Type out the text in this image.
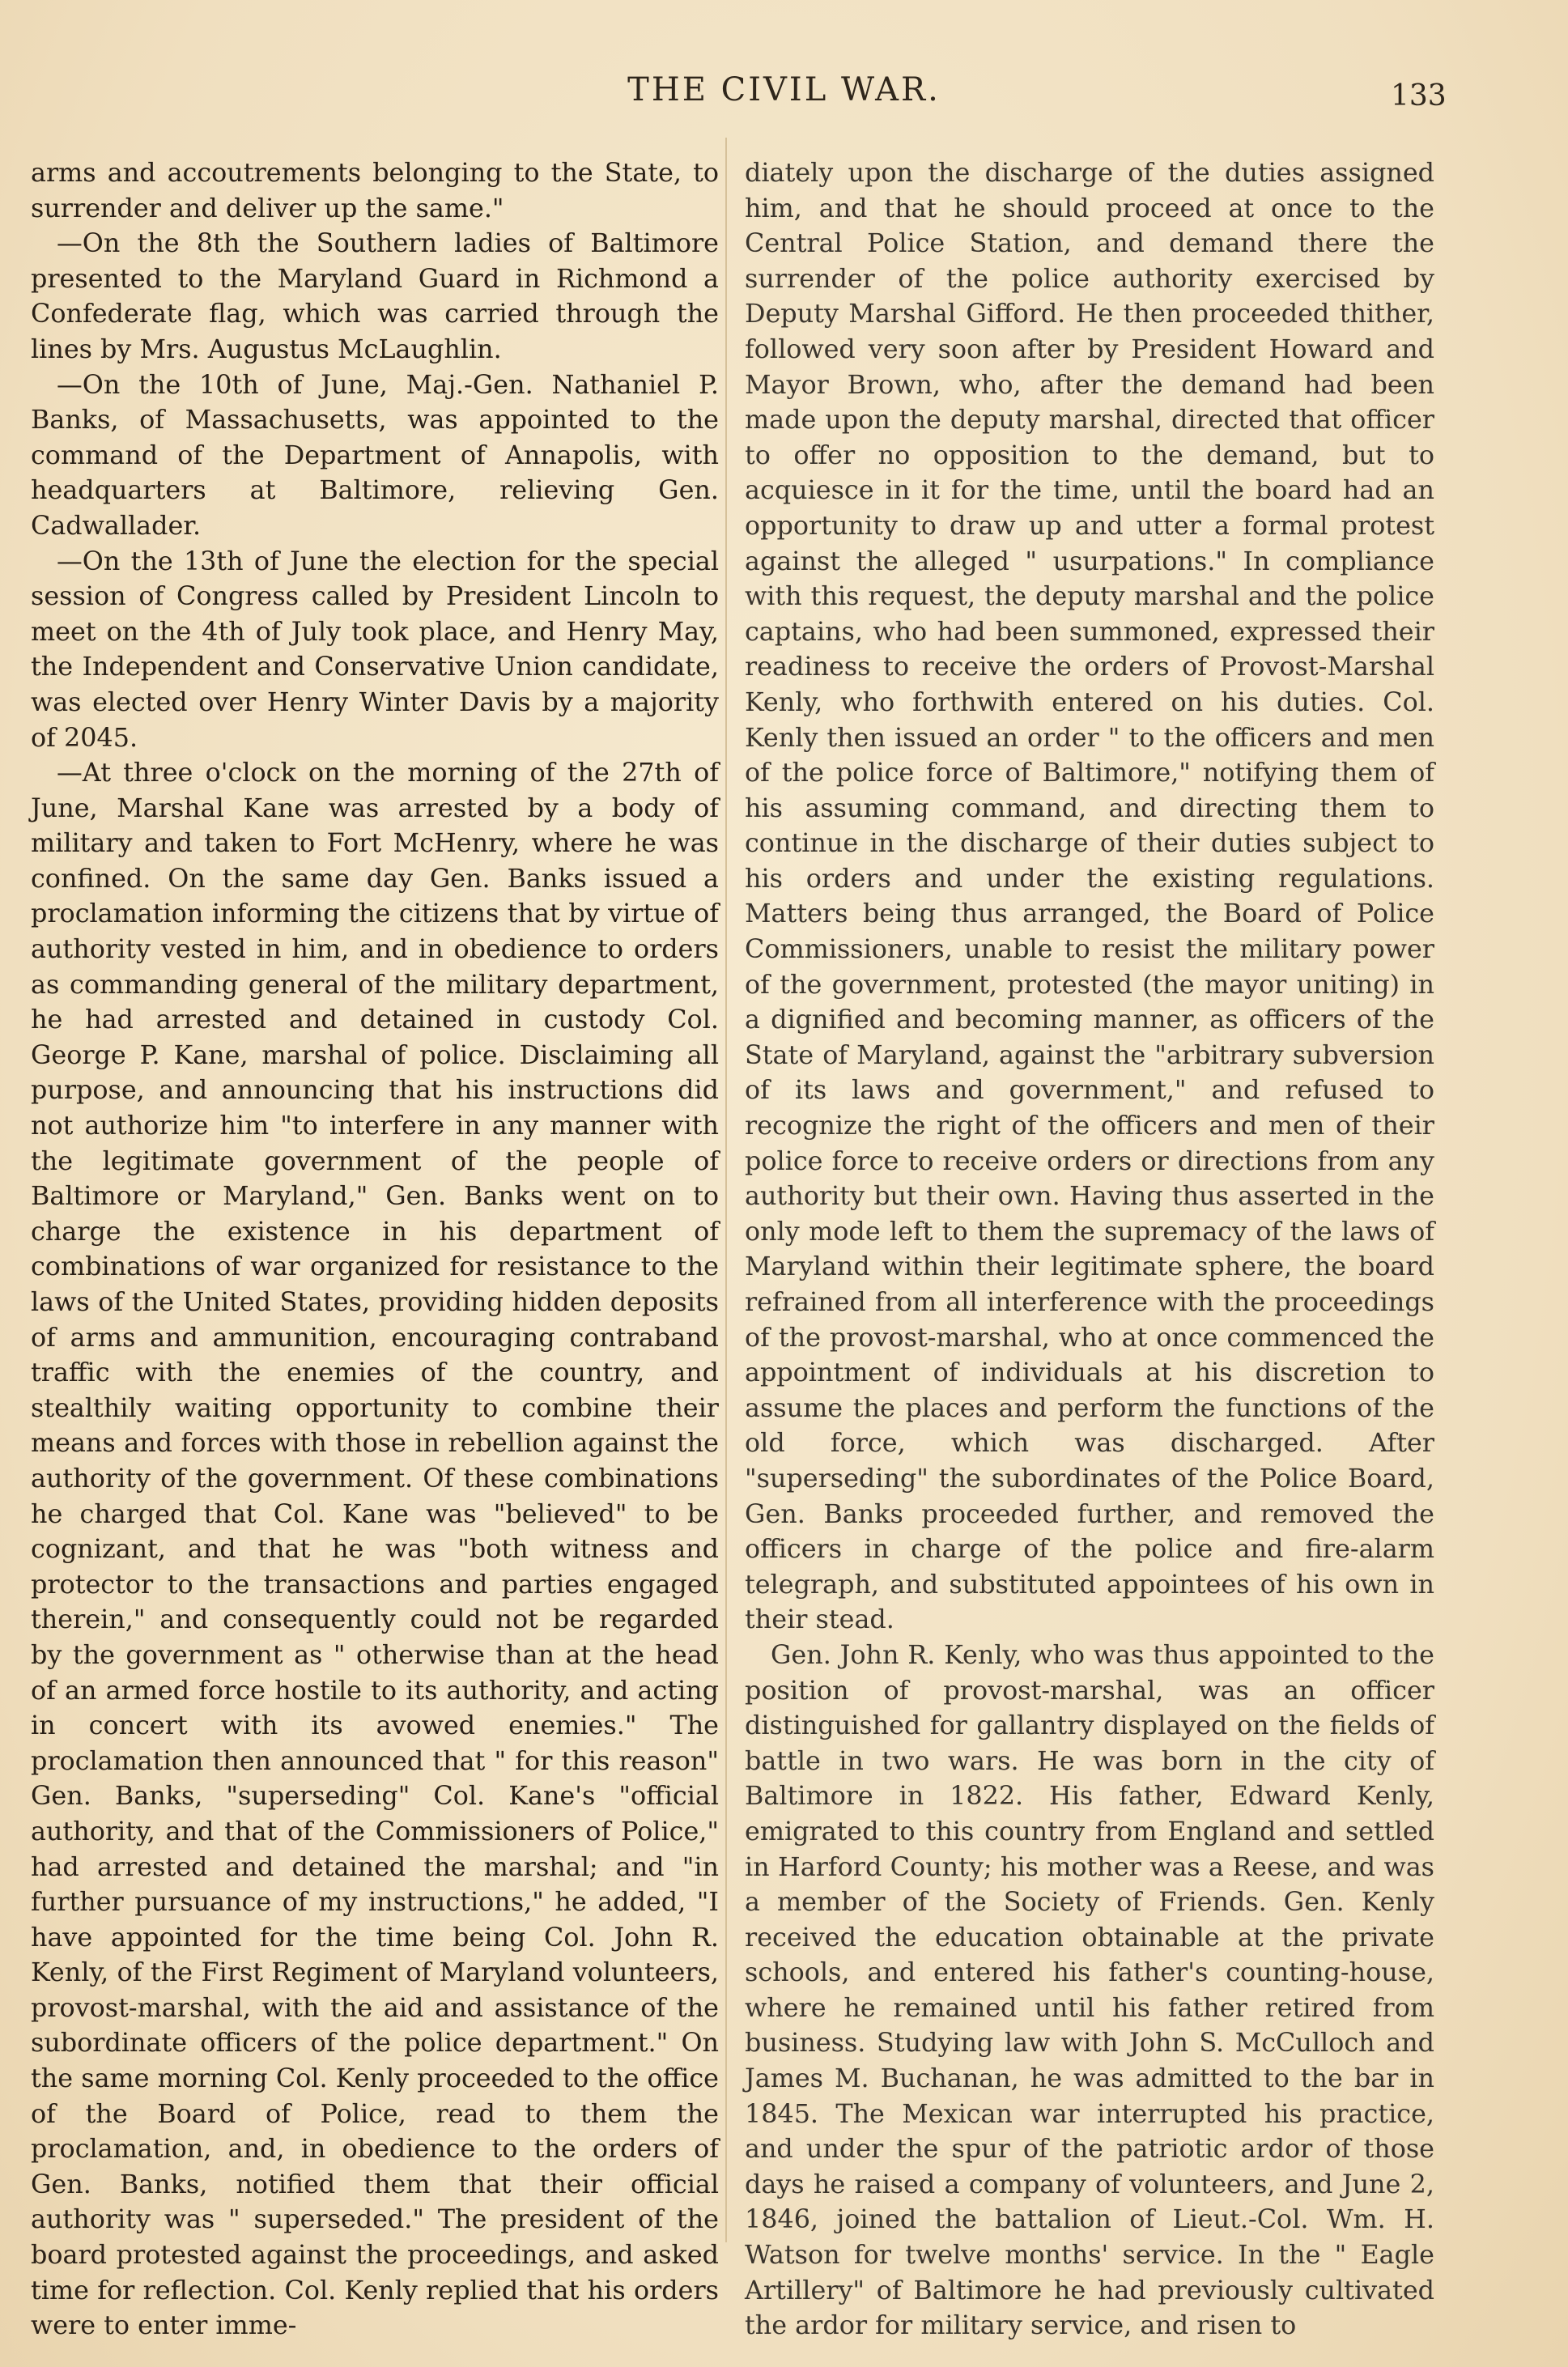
THE CIVIL WAR.	133

arms and accoutrements belonging to the State, to surrender and deliver up the same."

—On the 8th the Southern ladies of Baltimore presented to the Maryland Guard in Richmond a Confederate flag, which was carried through the lines by Mrs. Augustus McLaughlin.

—On the 10th of June, Maj.-Gen. Nathaniel P. Banks, of Massachusetts, was appointed to the command of the Department of Annapolis, with headquarters at Baltimore, relieving Gen. Cadwallader.

—On the 13th of June the election for the special session of Congress called by President Lincoln to meet on the 4th of July took place, and Henry May, the Independent and Conservative Union candidate, was elected over Henry Winter Davis by a majority of 2045.

—At three o'clock on the morning of the 27th of June, Marshal Kane was arrested by a body of military and taken to Fort McHenry, where he was confined. On the same day Gen. Banks issued a proclamation informing the citizens that by virtue of authority vested in him, and in obedience to orders as commanding general of the military department, he had arrested and detained in custody Col. George P. Kane, marshal of police. Disclaiming all purpose, and announcing that his instructions did not authorize him "to interfere in any manner with the legitimate government of the people of Baltimore or Maryland," Gen. Banks went on to charge the existence in his department of combinations of war organized for resistance to the laws of the United States, providing hidden deposits of arms and ammunition, encouraging contraband traffic with the enemies of the country, and stealthily waiting opportunity to combine their means and forces with those in rebellion against the authority of the government. Of these combinations he charged that Col. Kane was "believed" to be cognizant, and that he was "both witness and protector to the transactions and parties engaged therein," and consequently could not be regarded by the government as " otherwise than at the head of an armed force hostile to its authority, and acting in concert with its avowed enemies." The proclamation then announced that " for this reason" Gen. Banks, "superseding" Col. Kane's "official authority, and that of the Commissioners of Police," had arrested and detained the marshal; and "in further pursuance of my instructions," he added, "I have appointed for the time being Col. John R. Kenly, of the First Regiment of Maryland volunteers, provost-marshal, with the aid and assistance of the subordinate officers of the police department." On the same morning Col. Kenly proceeded to the office of the Board of Police, read to them the proclamation, and, in obedience to the orders of Gen. Banks, notified them that their official authority was " superseded." The president of the board protested against the proceedings, and asked time for reflection. Col. Kenly replied that his orders were to enter imme-

diately upon the discharge of the duties assigned him, and that he should proceed at once to the Central Police Station, and demand there the surrender of the police authority exercised by Deputy Marshal Gifford. He then proceeded thither, followed very soon after by President Howard and Mayor Brown, who, after the demand had been made upon the deputy marshal, directed that officer to offer no opposition to the demand, but to acquiesce in it for the time, until the board had an opportunity to draw up and utter a formal protest against the alleged " usurpations." In compliance with this request, the deputy marshal and the police captains, who had been summoned, expressed their readiness to receive the orders of Provost-Marshal Kenly, who forthwith entered on his duties. Col. Kenly then issued an order " to the officers and men of the police force of Baltimore," notifying them of his assuming command, and directing them to continue in the discharge of their duties subject to his orders and under the existing regulations. Matters being thus arranged, the Board of Police Commissioners, unable to resist the military power of the government, protested (the mayor uniting) in a dignified and becoming manner, as officers of the State of Maryland, against the "arbitrary subversion of its laws and government," and refused to recognize the right of the officers and men of their police force to receive orders or directions from any authority but their own. Having thus asserted in the only mode left to them the supremacy of the laws of Maryland within their legitimate sphere, the board refrained from all interference with the proceedings of the provost-marshal, who at once commenced the appointment of individuals at his discretion to assume the places and perform the functions of the old force, which was discharged. After "superseding" the subordinates of the Police Board, Gen. Banks proceeded further, and removed the officers in charge of the police and fire-alarm telegraph, and substituted appointees of his own in their stead.

Gen. John R. Kenly, who was thus appointed to the position of provost-marshal, was an officer distinguished for gallantry displayed on the fields of battle in two wars. He was born in the city of Baltimore in 1822. His father, Edward Kenly, emigrated to this country from England and settled in Harford County; his mother was a Reese, and was a member of the Society of Friends. Gen. Kenly received the education obtainable at the private schools, and entered his father's counting-house, where he remained until his father retired from business. Studying law with John S. McCulloch and James M. Buchanan, he was admitted to the bar in 1845. The Mexican war interrupted his practice, and under the spur of the patriotic ardor of those days he raised a company of volunteers, and June 2, 1846, joined the battalion of Lieut.-Col. Wm. H. Watson for twelve months' service. In the " Eagle Artillery" of Baltimore he had previously cultivated the ardor for military service, and risen to
